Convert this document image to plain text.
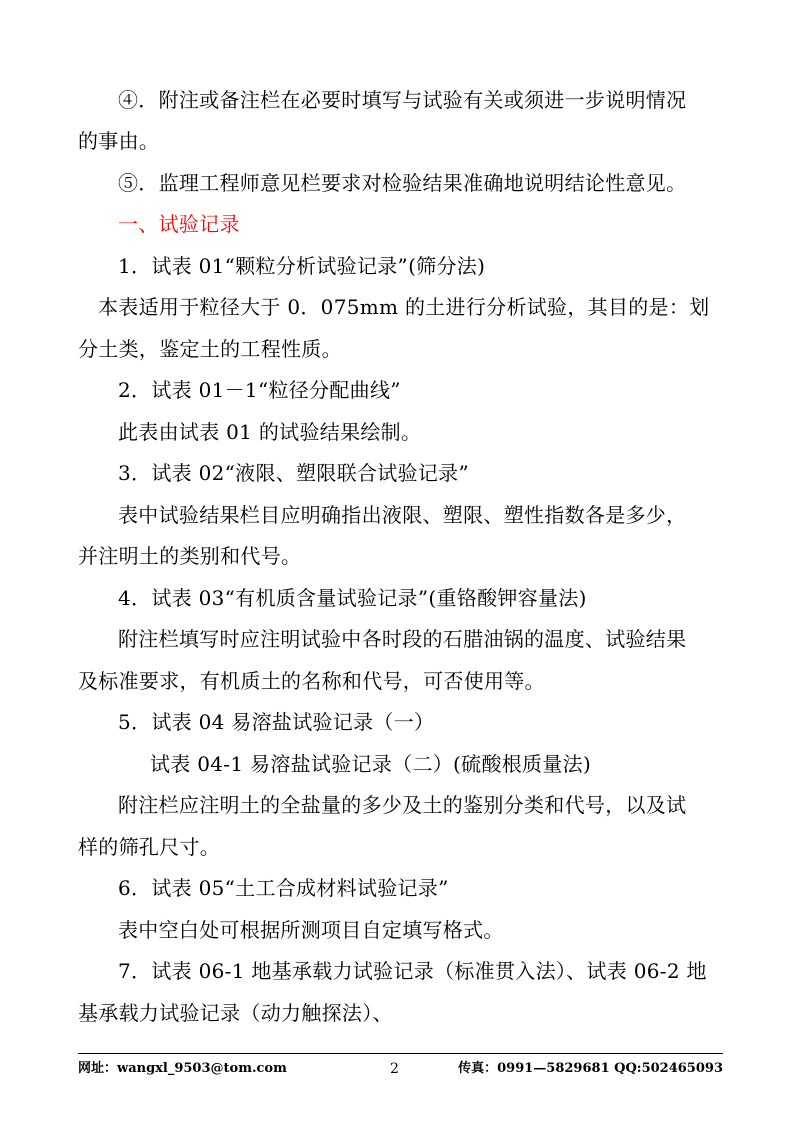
④．附注或备注栏在必要时填写与试验有关或须进一步说明情况
的事由。
⑤．监理工程师意见栏要求对检验结果准确地说明结论性意见。
一、试验记录
1．试表 01“颗粒分析试验记录”(筛分法)
本表适用于粒径大于 0．075mm 的土进行分析试验，其目的是：划
分土类，鉴定土的工程性质。
2．试表 01－1“粒径分配曲线”
此表由试表 01 的试验结果绘制。
3．试表 02“液限、塑限联合试验记录”
表中试验结果栏目应明确指出液限、塑限、塑性指数各是多少，
并注明土的类别和代号。
4．试表 03“有机质含量试验记录”(重铬酸钾容量法)
附注栏填写时应注明试验中各时段的石腊油锅的温度、试验结果
及标准要求，有机质土的名称和代号，可否使用等。
5．试表 04 易溶盐试验记录（一）
试表 04-1 易溶盐试验记录（二）(硫酸根质量法)
附注栏应注明土的全盐量的多少及土的鉴别分类和代号，以及试
样的筛孔尺寸。
6．试表 05“土工合成材料试验记录”
表中空白处可根据所测项目自定填写格式。
7．试表 06-1 地基承载力试验记录（标准贯入法）、试表 06-2 地
基承载力试验记录（动力触探法）、
网址：wangxl_9503@tom.com	2	传真：0991—5829681 QQ:502465093
